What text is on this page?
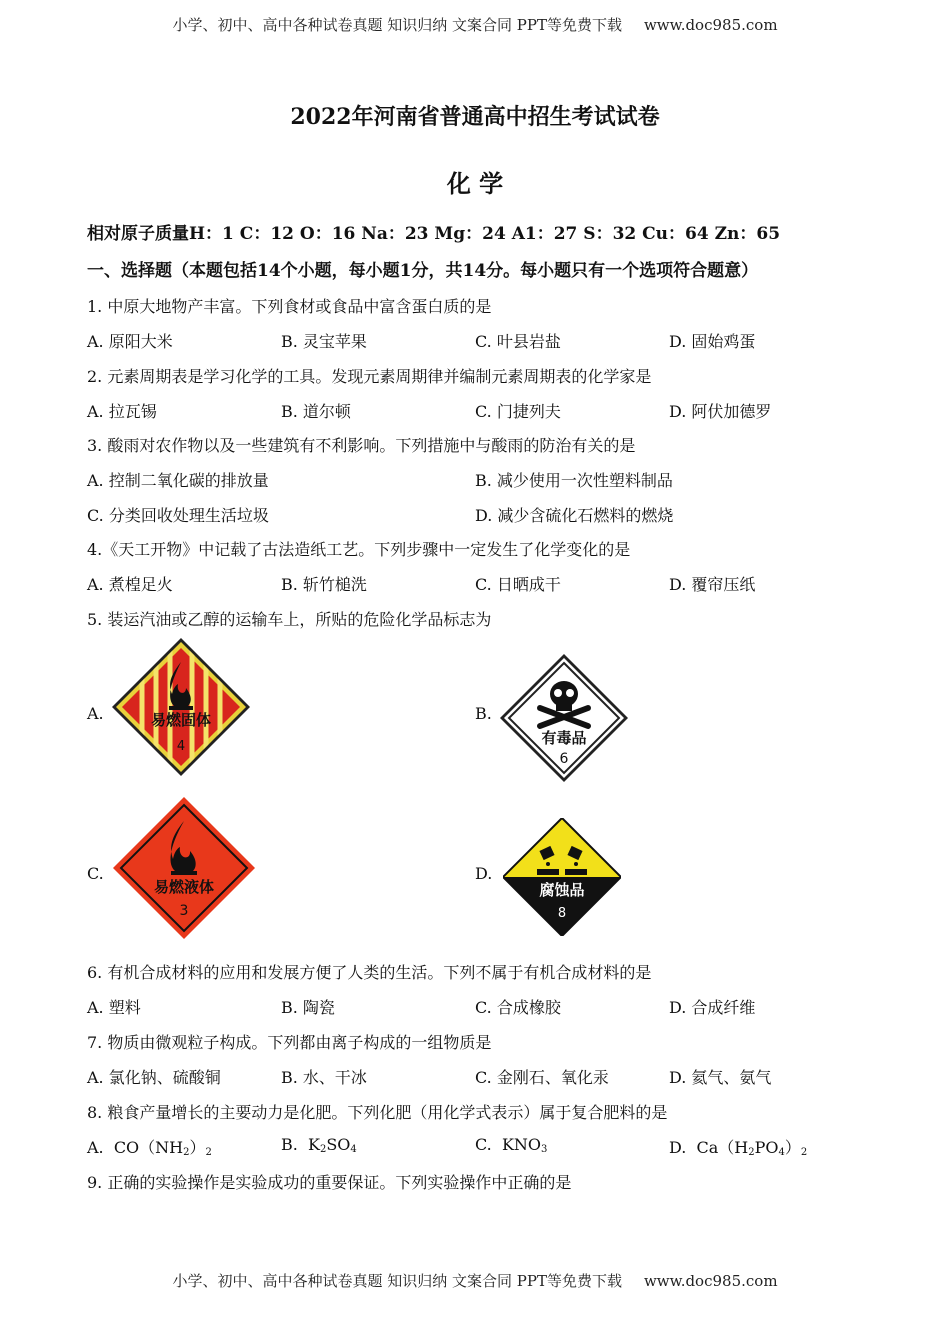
小学、初中、高中各种试卷真题 知识归纳 文案合同 PPT等免费下载 www.doc985.com
2022年河南省普通高中招生考试试卷
化 学
相对原子质量H：1 C：12 O：16 Na：23 Mg：24 A1：27 S：32 Cu：64 Zn：65
一、选择题（本题包括14个小题，每小题1分，共14分。每小题只有一个选项符合题意）
1. 中原大地物产丰富。下列食材或食品中富含蛋白质的是
A. 原阳大米	B. 灵宝苹果	C. 叶县岩盐	D. 固始鸡蛋
2. 元素周期表是学习化学的工具。发现元素周期律并编制元素周期表的化学家是
A. 拉瓦锡	B. 道尔顿	C. 门捷列夫	D. 阿伏加德罗
3. 酸雨对农作物以及一些建筑有不利影响。下列措施中与酸雨的防治有关的是
A. 控制二氧化碳的排放量	B. 减少使用一次性塑料制品
C. 分类回收处理生活垃圾	D. 减少含硫化石燃料的燃烧
4.《天工开物》中记载了古法造纸工艺。下列步骤中一定发生了化学变化的是
A. 煮楻足火	B. 斩竹槌洗	C. 日晒成干	D. 覆帘压纸
5. 装运汽油或乙醇的运输车上，所贴的危险化学品标志为
A.	易燃固体
4
B.
有毒品
6
C.
易燃液体
3
D.
腐蚀品
8
6. 有机合成材料的应用和发展方便了人类的生活。下列不属于有机合成材料的是
A. 塑料	B. 陶瓷	C. 合成橡胶	D. 合成纤维
7. 物质由微观粒子构成。下列都由离子构成的一组物质是
A. 氯化钠、硫酸铜	B. 水、干冰	C. 金刚石、氧化汞	D. 氦气、氨气
8. 粮食产量增长的主要动力是化肥。下列化肥（用化学式表示）属于复合肥料的是
A. $CO(NH_2)_2$	B. $K_2SO_4$	C. $KNO_3$	D. $Ca(H_2PO_4)_2$
9. 正确的实验操作是实验成功的重要保证。下列实验操作中正确的是
小学、初中、高中各种试卷真题 知识归纳 文案合同 PPT等免费下载 www.doc985.com
